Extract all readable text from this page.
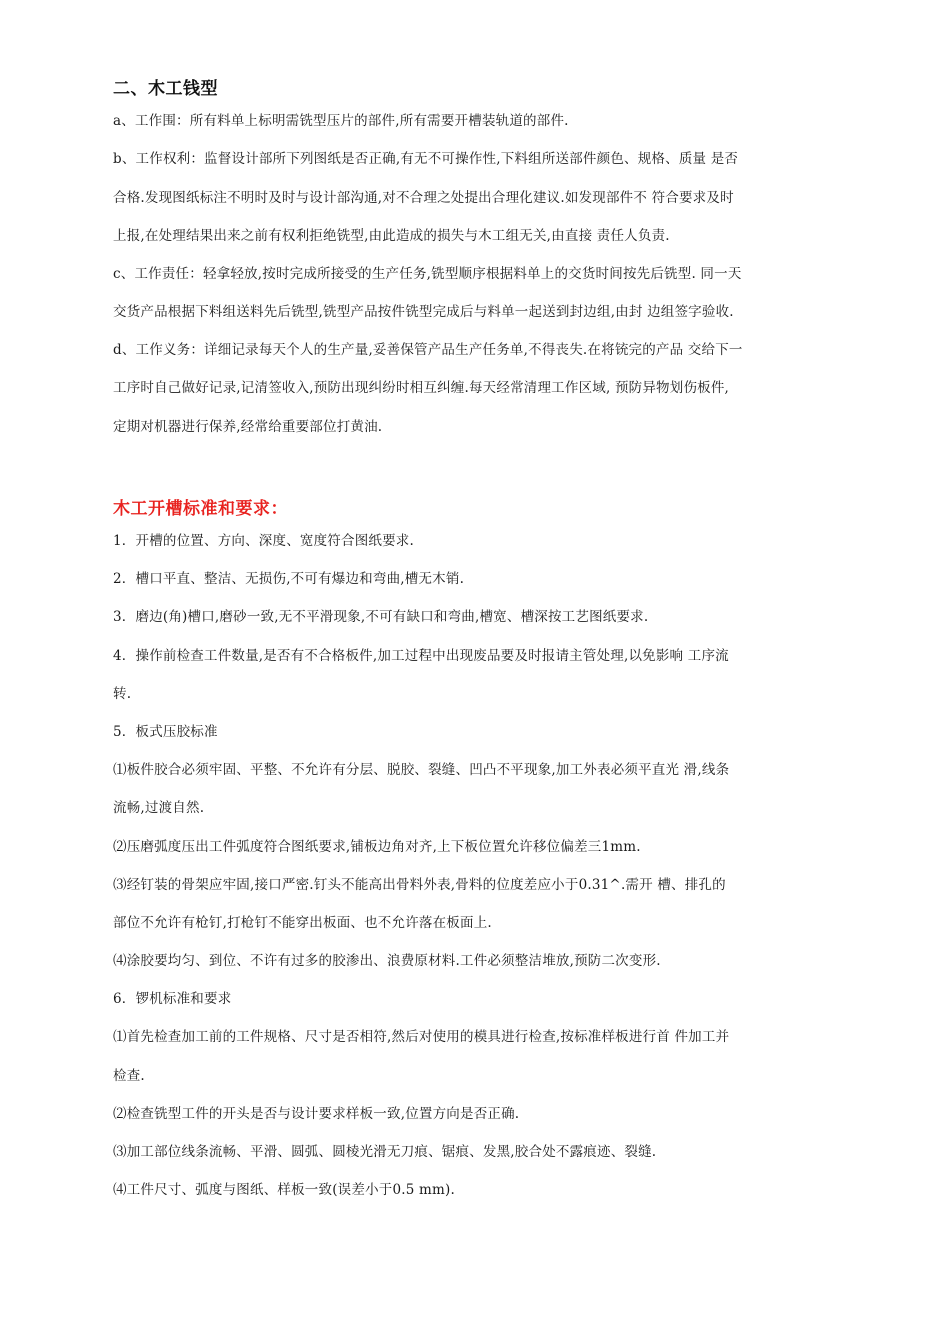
二、木工钱型
a、工作围：所有料单上标明需铣型压片的部件,所有需要开槽装轨道的部件.
b、工作权利：监督设计部所下列图纸是否正确,有无不可操作性,下料组所送部件颜色、规格、质量 是否
合格.发现图纸标注不明时及时与设计部沟通,对不合理之处提出合理化建议.如发现部件不 符合要求及时
上报,在处理结果出来之前有权利拒绝铣型,由此造成的损失与木工组无关,由直接 责任人负责.
c、工作责任：轻拿轻放,按时完成所接受的生产任务,铣型顺序根据料单上的交货时间按先后铣型. 同一天
交货产品根据下料组送料先后铣型,铣型产品按件铣型完成后与料单一起送到封边组,由封 边组签字验收.
d、工作义务：详细记录每天个人的生产量,妥善保管产品生产任务单,不得丧失.在将铳完的产品 交给下一
工序时自己做好记录,记清签收入,预防出现纠纷时相互纠缠.每天经常清理工作区域, 预防异物划伤板件,
定期对机器进行保养,经常给重要部位打黄油.
木工开槽标准和要求：
1．开槽的位置、方向、深度、宽度符合图纸要求.
2．槽口平直、整洁、无损伤,不可有爆边和弯曲,槽无木销.
3．磨边(角)槽口,磨砂一致,无不平滑现象,不可有缺口和弯曲,槽宽、槽深按工艺图纸要求.
4．操作前检查工件数量,是否有不合格板件,加工过程中出现废品要及时报请主管处理,以免影响 工序流
转.
5．板式压胶标准
⑴板件胶合必须牢固、平整、不允许有分层、脱胶、裂缝、凹凸不平现象,加工外表必须平直光 滑,线条
流畅,过渡自然.
⑵压磨弧度压出工件弧度符合图纸要求,铺板边角对齐,上下板位置允许移位偏差三1mm.
⑶经钉装的骨架应牢固,接口严密.钉头不能高出骨料外表,骨料的位度差应小于0.31^.需开 槽、排孔的
部位不允许有枪钉,打枪钉不能穿出板面、也不允许落在板面上.
⑷涂胶要均匀、到位、不许有过多的胶渗出、浪费原材料.工件必须整洁堆放,预防二次变形.
6．锣机标准和要求
⑴首先检查加工前的工件规格、尺寸是否相符,然后对使用的模具进行检查,按标准样板进行首 件加工并
检查.
⑵检查铣型工件的开头是否与设计要求样板一致,位置方向是否正确.
⑶加工部位线条流畅、平滑、圆弧、圆棱光滑无刀痕、锯痕、发黑,胶合处不露痕迹、裂缝.
⑷工件尺寸、弧度与图纸、样板一致(误差小于0.5 mm).
